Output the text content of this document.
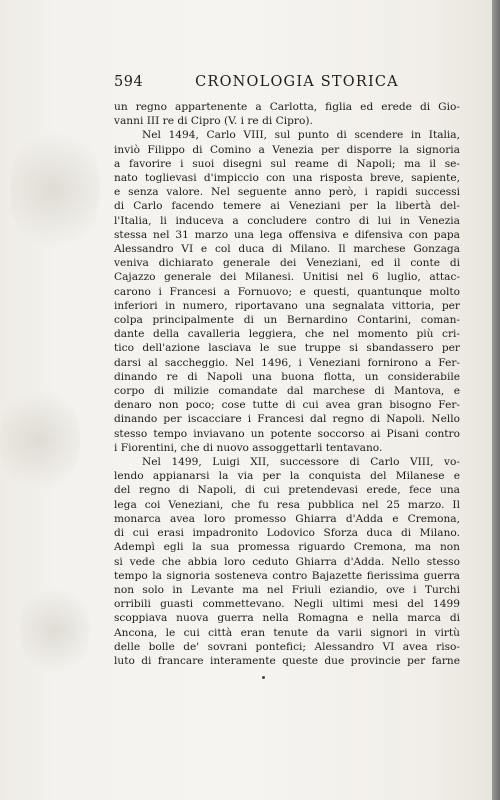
594	CRONOLOGIA STORICA

un regno appartenente a Carlotta, figlia ed erede di Gio-

vanni III re di Cipro (V. i re di Cipro).

Nel 1494, Carlo VIII, sul punto di scendere in Italia,

inviò Filippo di Comino a Venezia per disporre la signoria

a favorire i suoi disegni sul reame di Napoli; ma il se-

nato toglievasi d'impiccio con una risposta breve, sapiente,

e senza valore. Nel seguente anno però, i rapidi successi

di Carlo facendo temere ai Veneziani per la libertà del-

l'Italia, li induceva a concludere contro di lui in Venezia

stessa nel 31 marzo una lega offensiva e difensiva con papa

Alessandro VI e col duca di Milano. Il marchese Gonzaga

veniva dichiarato generale dei Veneziani, ed il conte di

Cajazzo generale dei Milanesi. Unitisi nel 6 luglio, attac-

carono i Francesi a Fornuovo; e questi, quantunque molto

inferiori in numero, riportavano una segnalata vittoria, per

colpa principalmente di un Bernardino Contarini, coman-

dante della cavalleria leggiera, che nel momento più cri-

tico dell'azione lasciava le sue truppe si sbandassero per

darsi al saccheggio. Nel 1496, i Veneziani fornirono a Fer-

dinando re di Napoli una buona flotta, un considerabile

corpo di milizie comandate dal marchese di Mantova, e

denaro non poco; cose tutte di cui avea gran bisogno Fer-

dinando per iscacciare i Francesi dal regno di Napoli. Nello

stesso tempo inviavano un potente soccorso ai Pisani contro

i Fiorentini, che di nuovo assoggettarli tentavano.

Nel 1499, Luigi XII, successore di Carlo VIII, vo-

lendo appianarsi la via per la conquista del Milanese e

del regno di Napoli, di cui pretendevasi erede, fece una

lega coi Veneziani, che fu resa pubblica nel 25 marzo. Il

monarca avea loro promesso Ghiarra d'Adda e Cremona,

di cui erasi impadronito Lodovico Sforza duca di Milano.

Adempì egli la sua promessa riguardo Cremona, ma non

si vede che abbia loro ceduto Ghiarra d'Adda. Nello stesso

tempo la signoria sosteneva contro Bajazette fierissima guerra

non solo in Levante ma nel Friuli eziandio, ove i Turchi

orribili guasti commettevano. Negli ultimi mesi del 1499

scoppiava nuova guerra nella Romagna e nella marca di

Ancona, le cui città eran tenute da varii signori in virtù

delle bolle de' sovrani pontefici; Alessandro VI avea riso-

luto di francare interamente queste due provincie per farne
